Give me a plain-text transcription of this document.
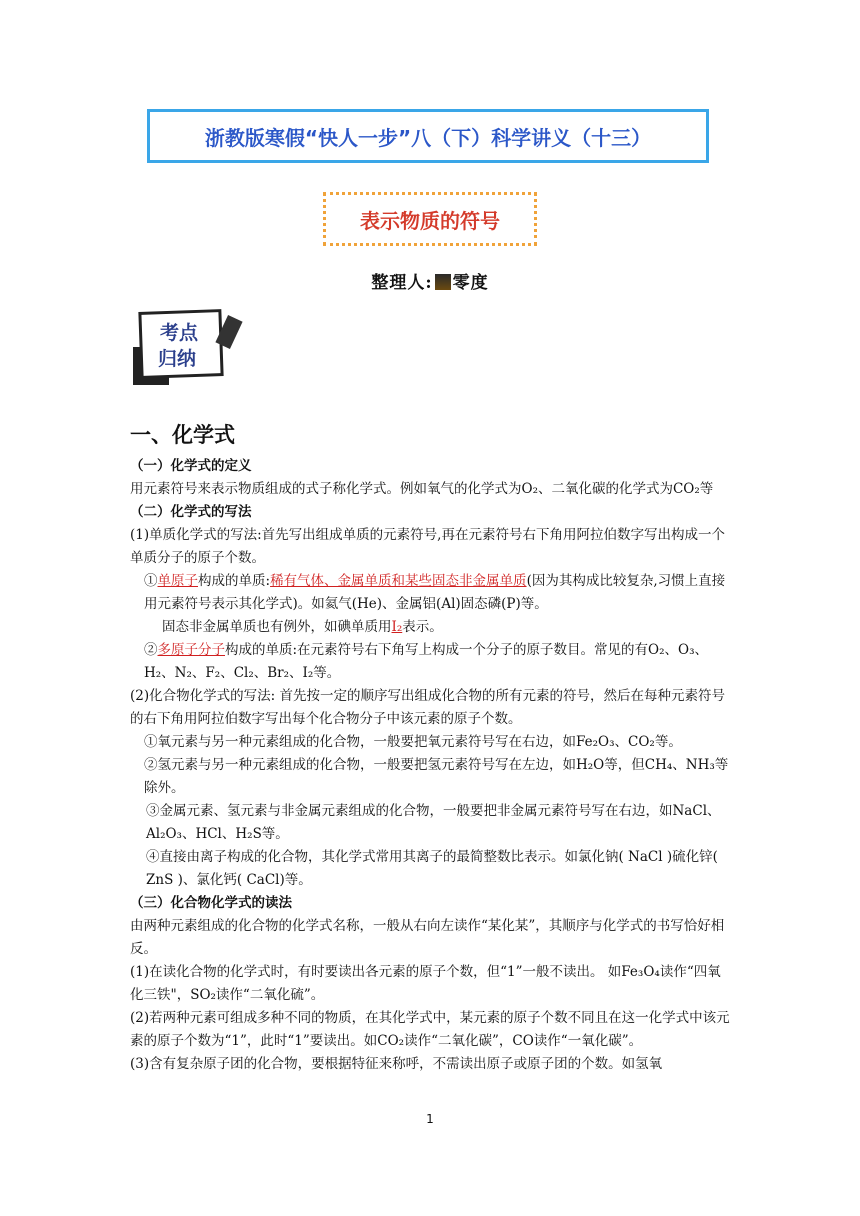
浙教版寒假“快人一步”八（下）科学讲义（十三）
表示物质的符号
整理人: 零度
考点
归纳
一、化学式

（一）化学式的定义

用元素符号来表示物质组成的式子称化学式。例如氧气的化学式为O₂、二氧化碳的化学式为CO₂等

（二）化学式的写法

(1)单质化学式的写法:首先写出组成单质的元素符号,再在元素符号右下角用阿拉伯数字写出构成一个单质分子的原子个数。

①单原子构成的单质:稀有气体、金属单质和某些固态非金属单质(因为其构成比较复杂,习惯上直接用元素符号表示其化学式)。如氦气(He)、金属铝(Al)固态磷(P)等。

固态非金属单质也有例外，如碘单质用I₂表示。

②多原子分子构成的单质:在元素符号右下角写上构成一个分子的原子数目。常见的有O₂、O₃、H₂、N₂、F₂、Cl₂、Br₂、I₂等。

(2)化合物化学式的写法: 首先按一定的顺序写出组成化合物的所有元素的符号，然后在每种元素符号的右下角用阿拉伯数字写出每个化合物分子中该元素的原子个数。

①氧元素与另一种元素组成的化合物，一般要把氧元素符号写在右边，如Fe₂O₃、CO₂等。

②氢元素与另一种元素组成的化合物，一般要把氢元素符号写在左边，如H₂O等，但CH₄、NH₃等除外。

③金属元素、氢元素与非金属元素组成的化合物，一般要把非金属元素符号写在右边，如NaCl、Al₂O₃、HCl、H₂S等。

④直接由离子构成的化合物，其化学式常用其离子的最简整数比表示。如氯化钠( NaCl )硫化锌( ZnS )、氯化钙( CaCl)等。

（三）化合物化学式的读法

由两种元素组成的化合物的化学式名称，一般从右向左读作“某化某”，其顺序与化学式的书写恰好相反。

(1)在读化合物的化学式时，有时要读出各元素的原子个数，但“1”一般不读出。 如Fe₃O₄读作“四氧化三铁"，SO₂读作“二氧化硫”。

(2)若两种元素可组成多种不同的物质，在其化学式中，某元素的原子个数不同且在这一化学式中该元素的原子个数为“1”，此时“1”要读出。如CO₂读作“二氧化碳”，CO读作“一氧化碳”。

(3)含有复杂原子团的化合物，要根据特征来称呼，不需读出原子或原子团的个数。如氢氧

1
